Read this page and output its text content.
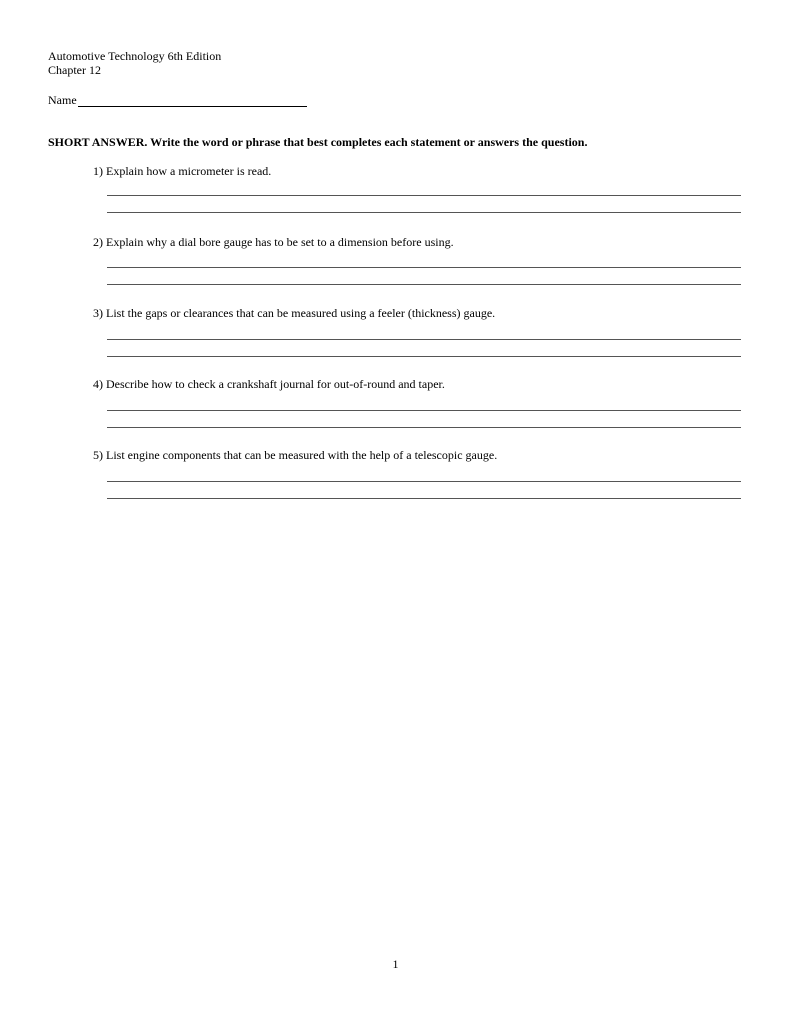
Automotive Technology 6th Edition
Chapter 12
Name
SHORT ANSWER. Write the word or phrase that best completes each statement or answers the question.
1) Explain how a micrometer is read.
2) Explain why a dial bore gauge has to be set to a dimension before using.
3) List the gaps or clearances that can be measured using a feeler (thickness) gauge.
4) Describe how to check a crankshaft journal for out-of-round and taper.
5) List engine components that can be measured with the help of a telescopic gauge.
1
